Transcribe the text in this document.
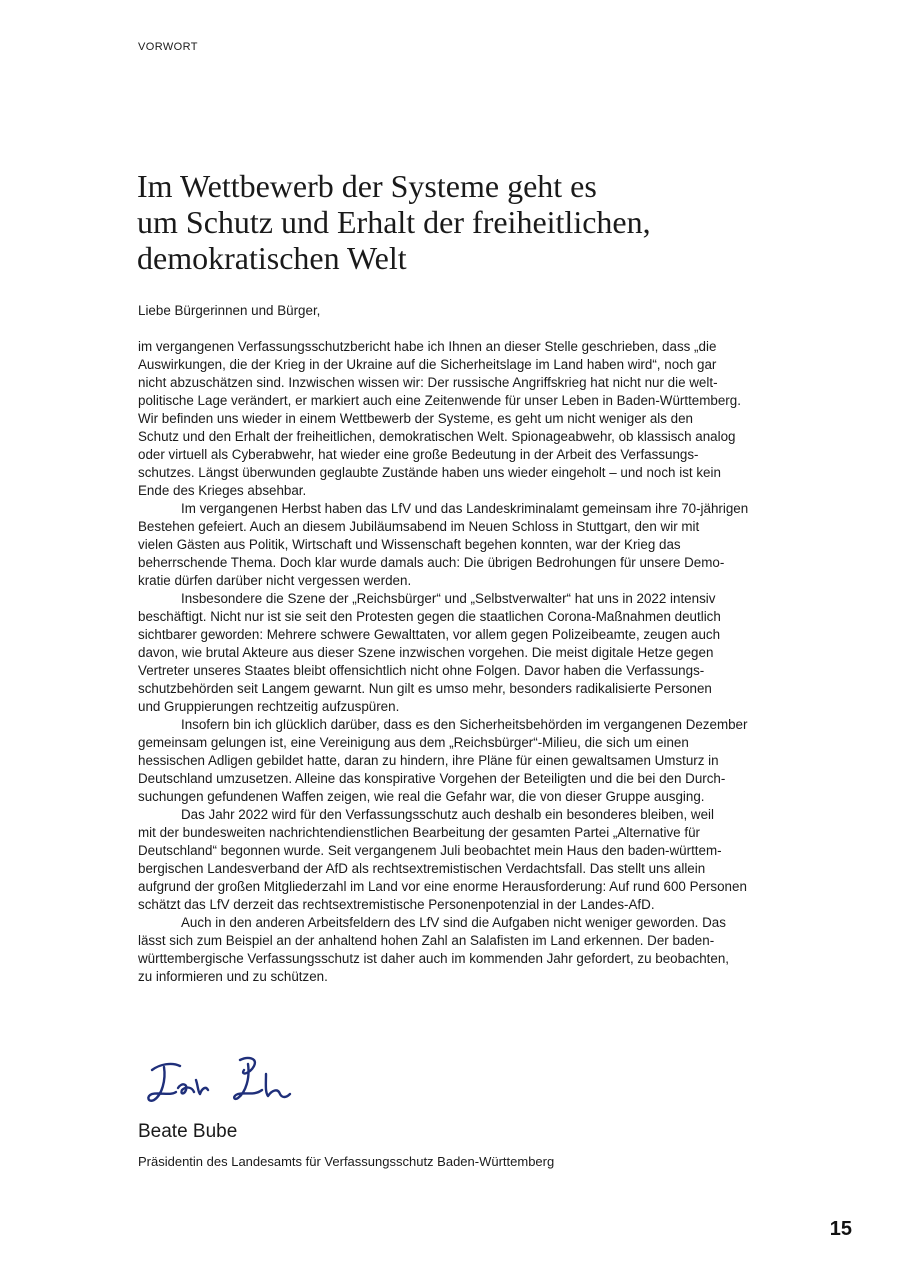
VORWORT
Im Wettbewerb der Systeme geht es
um Schutz und Erhalt der freiheitlichen,
demokratischen Welt
Liebe Bürgerinnen und Bürger,
im vergangenen Verfassungsschutzbericht habe ich Ihnen an dieser Stelle geschrieben, dass „die
Auswirkungen, die der Krieg in der Ukraine auf die Sicherheitslage im Land haben wird“, noch gar
nicht abzuschätzen sind. Inzwischen wissen wir: Der russische Angriffskrieg hat nicht nur die welt-
politische Lage verändert, er markiert auch eine Zeitenwende für unser Leben in Baden-Württemberg.
Wir befinden uns wieder in einem Wettbewerb der Systeme, es geht um nicht weniger als den
Schutz und den Erhalt der freiheitlichen, demokratischen Welt. Spionageabwehr, ob klassisch analog
oder virtuell als Cyberabwehr, hat wieder eine große Bedeutung in der Arbeit des Verfassungs-
schutzes. Längst überwunden geglaubte Zustände haben uns wieder eingeholt – und noch ist kein
Ende des Krieges absehbar.
Im vergangenen Herbst haben das LfV und das Landeskriminalamt gemeinsam ihre 70-jährigen
Bestehen gefeiert. Auch an diesem Jubiläumsabend im Neuen Schloss in Stuttgart, den wir mit
vielen Gästen aus Politik, Wirtschaft und Wissenschaft begehen konnten, war der Krieg das
beherrschende Thema. Doch klar wurde damals auch: Die übrigen Bedrohungen für unsere Demo-
kratie dürfen darüber nicht vergessen werden.
Insbesondere die Szene der „Reichsbürger“ und „Selbstverwalter“ hat uns in 2022 intensiv
beschäftigt. Nicht nur ist sie seit den Protesten gegen die staatlichen Corona-Maßnahmen deutlich
sichtbarer geworden: Mehrere schwere Gewalttaten, vor allem gegen Polizeibeamte, zeugen auch
davon, wie brutal Akteure aus dieser Szene inzwischen vorgehen. Die meist digitale Hetze gegen
Vertreter unseres Staates bleibt offensichtlich nicht ohne Folgen. Davor haben die Verfassungs-
schutzbehörden seit Langem gewarnt. Nun gilt es umso mehr, besonders radikalisierte Personen
und Gruppierungen rechtzeitig aufzuspüren.
Insofern bin ich glücklich darüber, dass es den Sicherheitsbehörden im vergangenen Dezember
gemeinsam gelungen ist, eine Vereinigung aus dem „Reichsbürger“-Milieu, die sich um einen
hessischen Adligen gebildet hatte, daran zu hindern, ihre Pläne für einen gewaltsamen Umsturz in
Deutschland umzusetzen. Alleine das konspirative Vorgehen der Beteiligten und die bei den Durch-
suchungen gefundenen Waffen zeigen, wie real die Gefahr war, die von dieser Gruppe ausging.
Das Jahr 2022 wird für den Verfassungsschutz auch deshalb ein besonderes bleiben, weil
mit der bundesweiten nachrichtendienstlichen Bearbeitung der gesamten Partei „Alternative für
Deutschland“ begonnen wurde. Seit vergangenem Juli beobachtet mein Haus den baden-württem-
bergischen Landesverband der AfD als rechtsextremistischen Verdachtsfall. Das stellt uns allein
aufgrund der großen Mitgliederzahl im Land vor eine enorme Herausforderung: Auf rund 600 Personen
schätzt das LfV derzeit das rechtsextremistische Personenpotenzial in der Landes-AfD.
Auch in den anderen Arbeitsfeldern des LfV sind die Aufgaben nicht weniger geworden. Das
lässt sich zum Beispiel an der anhaltend hohen Zahl an Salafisten im Land erkennen. Der baden-
württembergische Verfassungsschutz ist daher auch im kommenden Jahr gefordert, zu beobachten,
zu informieren und zu schützen.
Beate Bube
Präsidentin des Landesamts für Verfassungsschutz Baden-Württemberg
15
